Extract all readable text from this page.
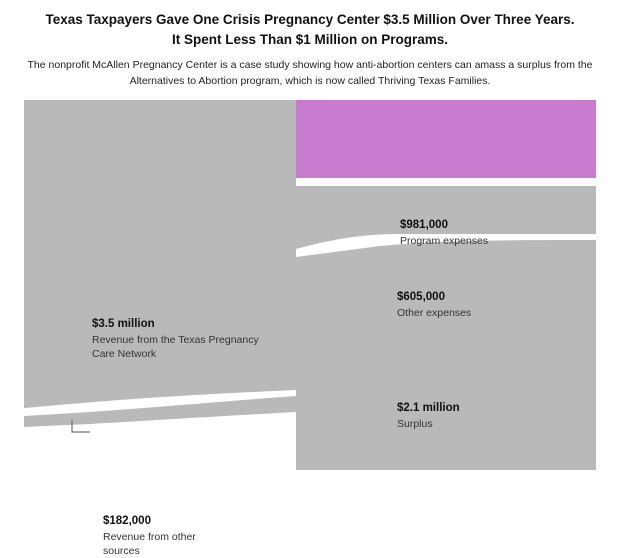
Texas Taxpayers Gave One Crisis Pregnancy Center $3.5 Million Over Three Years.
It Spent Less Than $1 Million on Programs.
The nonprofit McAllen Pregnancy Center is a case study showing how anti-abortion centers can amass a surplus from the Alternatives to Abortion program, which is now called Thriving Texas Families.
$981,000
Program expenses
$605,000
Other expenses
$2.1 million
Surplus
$3.5 million
Revenue from the Texas Pregnancy Care Network
$182,000
Revenue from other sources
